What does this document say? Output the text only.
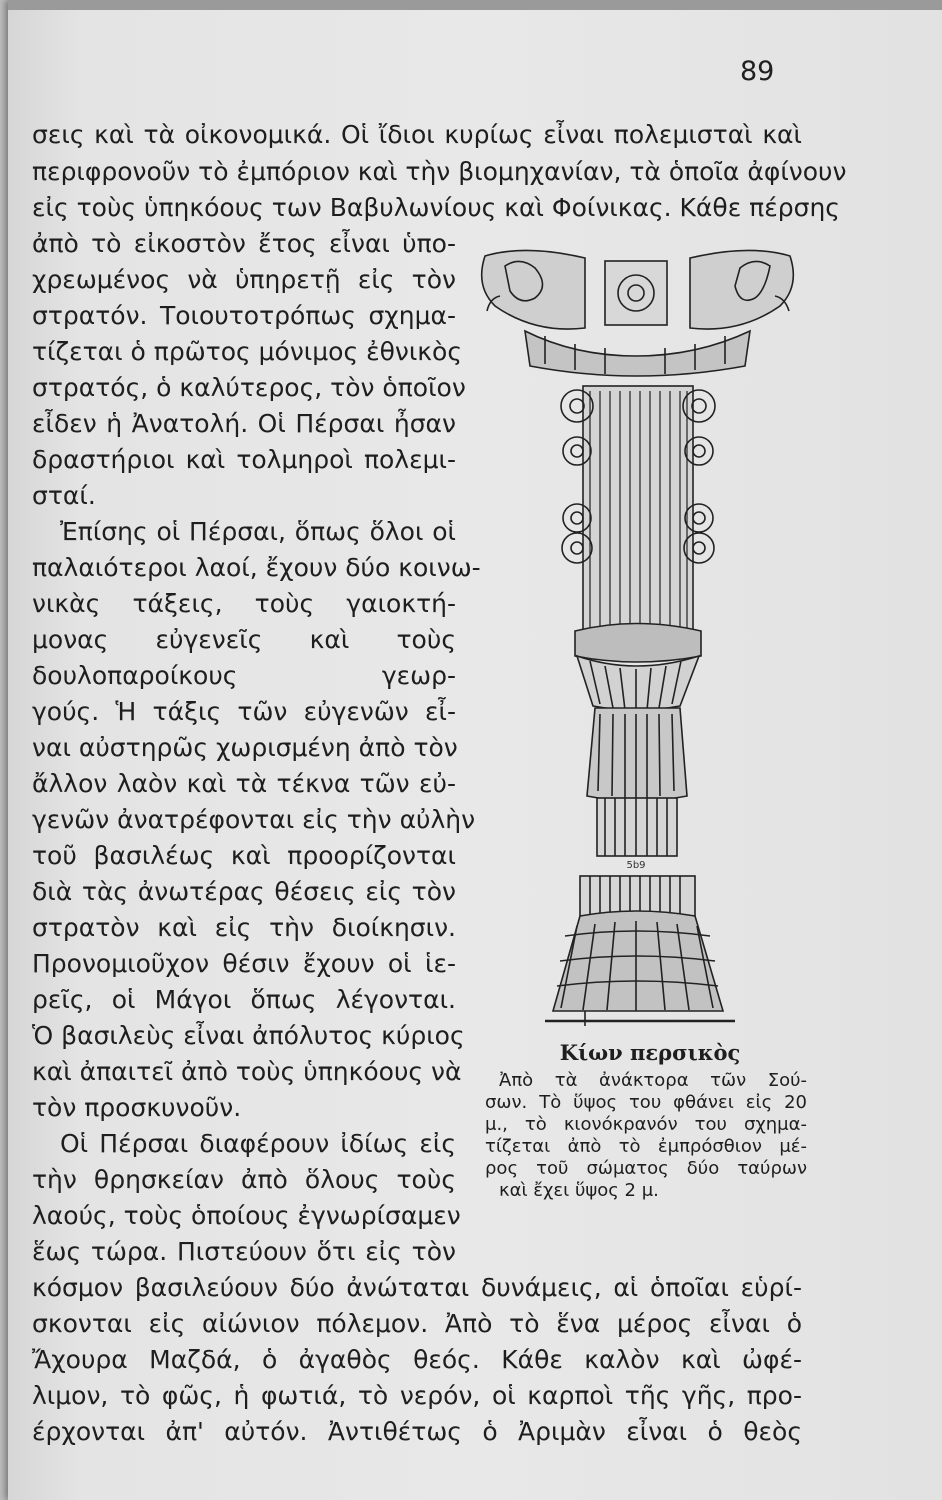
89
σεις καὶ τὰ οἰκονομικά. Οἱ ἴδιοι κυρίως εἶναι πολεμισταὶ καὶ
περιφρονοῦν τὸ ἐμπόριον καὶ τὴν βιομηχανίαν, τὰ ὁποῖα ἀφίνουν
εἰς τοὺς ὑπηκόους των Βαβυλωνίους καὶ Φοίνικας. Κάθε πέρσης
ἀπὸ τὸ εἰκοστὸν ἔτος εἶναι ὑπο-
χρεωμένος νὰ ὑπηρετῇ εἰς τὸν
στρατόν. Τοιουτοτρόπως σχημα-
τίζεται ὁ πρῶτος μόνιμος ἐθνικὸς
στρατός, ὁ καλύτερος, τὸν ὁποῖον
εἶδεν ἡ Ἀνατολή. Οἱ Πέρσαι ἦσαν
δραστήριοι καὶ τολμηροὶ πολεμι-
σταί.
Ἐπίσης οἱ Πέρσαι, ὅπως ὅλοι οἱ
παλαιότεροι λαοί, ἔχουν δύο κοινω-
νικὰς τάξεις, τοὺς γαιοκτή-
μονας εὐγενεῖς καὶ τοὺς
δουλοπαροίκους γεωρ-
γούς. Ἡ τάξις τῶν εὐγενῶν εἶ-
ναι αὐστηρῶς χωρισμένη ἀπὸ τὸν
ἄλλον λαὸν καὶ τὰ τέκνα τῶν εὐ-
γενῶν ἀνατρέφονται εἰς τὴν αὐλὴν
τοῦ βασιλέως καὶ προορίζονται
διὰ τὰς ἀνωτέρας θέσεις εἰς τὸν
στρατὸν καὶ εἰς τὴν διοίκησιν.
Προνομιοῦχον θέσιν ἔχουν οἱ ἱε-
ρεῖς, οἱ Μάγοι ὅπως λέγονται.
Ὁ βασιλεὺς εἶναι ἀπόλυτος κύριος
καὶ ἀπαιτεῖ ἀπὸ τοὺς ὑπηκόους νὰ
τὸν προσκυνοῦν.
Οἱ Πέρσαι διαφέρουν ἰδίως εἰς
τὴν θρησκείαν ἀπὸ ὅλους τοὺς
λαούς, τοὺς ὁποίους ἐγνωρίσαμεν
ἕως τώρα. Πιστεύουν ὅτι εἰς τὸν
κόσμον βασιλεύουν δύο ἀνώταται δυνάμεις, αἱ ὁποῖαι εὑρί-
σκονται εἰς αἰώνιον πόλεμον. Ἀπὸ τὸ ἕνα μέρος εἶναι ὁ
Ἄχουρα Μαζδά, ὁ ἀγαθὸς θεός. Κάθε καλὸν καὶ ὠφέ-
λιμον, τὸ φῶς, ἡ φωτιά, τὸ νερόν, οἱ καρποὶ τῆς γῆς, προ-
έρχονται ἀπ' αὐτόν. Ἀντιθέτως ὁ Ἀριμὰν εἶναι ὁ θεὸς
5b9
Κίων περσικὸς
Ἀπὸ τὰ ἀνάκτορα τῶν Σού-
σων. Τὸ ὕψος του φθάνει εἰς 20
μ., τὸ κιονόκρανόν του σχημα-
τίζεται ἀπὸ τὸ ἐμπρόσθιον μέ-
ρος τοῦ σώματος δύο ταύρων
καὶ ἔχει ὕψος 2 μ.
